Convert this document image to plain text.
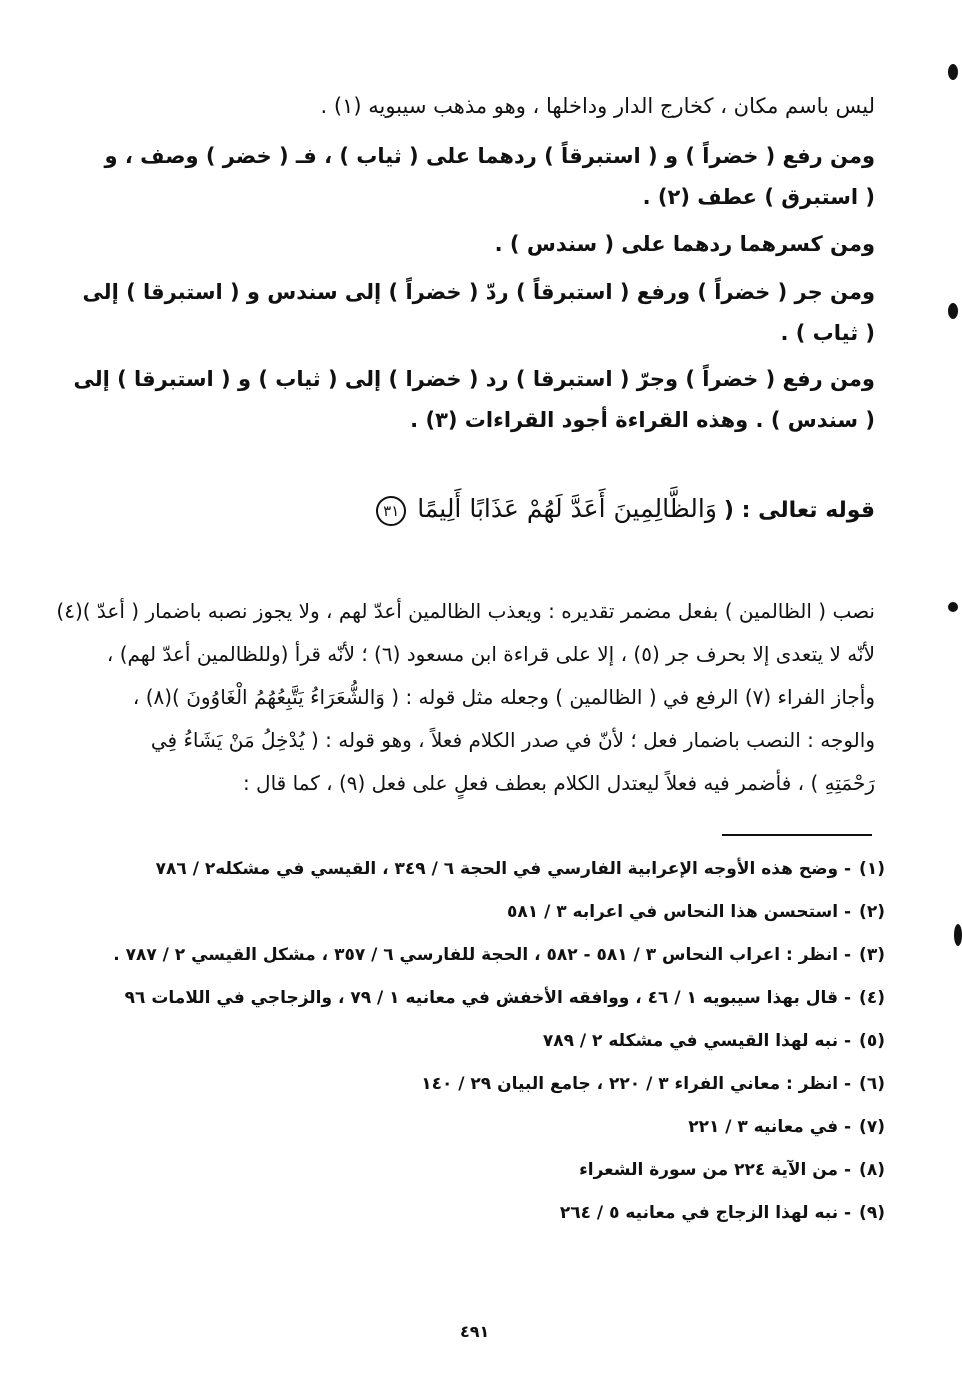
ليس باسم مكان ، كخارج الدار وداخلها ، وهو مذهب سيبويه (١) .
ومن رفع ( خضراً ) و ( استبرقاً ) ردهما على ( ثياب ) ، فـ ( خضر ) وصف ، و
( استبرق ) عطف (٢) .
ومن كسرهما ردهما على ( سندس ) .
ومن جر ( خضراً ) ورفع ( استبرقاً ) ردّ ( خضراً ) إلى سندس و ( استبرقا ) إلى
( ثياب ) .
ومن رفع ( خضراً ) وجرّ ( استبرقا ) رد ( خضرا ) إلى ( ثياب ) و ( استبرقا ) إلى
( سندس ) . وهذه القراءة أجود القراءات (٣) .
قوله تعالى : ( وَالظَّالِمِينَ أَعَدَّ لَهُمْ عَذَابًا أَلِيمًا ٣١
نصب ( الظالمين ) بفعل مضمر تقديره : ويعذب الظالمين أعدّ لهم ، ولا يجوز نصبه باضمار ( أعدّ )(٤)
لأنّه لا يتعدى إلا بحرف جر (٥) ، إلا على قراءة ابن مسعود (٦) ؛ لأنّه قرأ (وللظالمين أعدّ لهم) ،
وأجاز الفراء (٧) الرفع في ( الظالمين ) وجعله مثل قوله : ( وَالشُّعَرَاءُ يَتَّبِعُهُمُ الْغَاوُونَ )(٨) ،
والوجه : النصب باضمار فعل ؛ لأنّ في صدر الكلام فعلاً ، وهو قوله : ( يُدْخِلُ مَنْ يَشَاءُ فِي
رَحْمَتِهِ ) ، فأضمر فيه فعلاً ليعتدل الكلام بعطف فعلٍ على فعل (٩) ، كما قال :
(١)- وضح هذه الأوجه الإعرابية الفارسي في الحجة ٦ / ٣٤٩ ، القيسي في مشكله٢ / ٧٨٦
(٢)- استحسن هذا النحاس في اعرابه ٣ / ٥٨١
(٣)- انظر : اعراب النحاس ٣ / ٥٨١ - ٥٨٢ ، الحجة للفارسي ٦ / ٣٥٧ ، مشكل القيسي ٢ / ٧٨٧ .
(٤)- قال بهذا سيبويه ١ / ٤٦ ، ووافقه الأخفش في معانيه ١ / ٧٩ ، والزجاجي في اللامات ٩٦
(٥)- نبه لهذا القيسي في مشكله ٢ / ٧٨٩
(٦)- انظر : معاني الفراء ٣ / ٢٢٠ ، جامع البيان ٢٩ / ١٤٠
(٧)- في معانيه ٣ / ٢٢١
(٨)- من الآية ٢٢٤ من سورة الشعراء
(٩)- نبه لهذا الزجاج في معانيه ٥ / ٢٦٤
٤٩١
